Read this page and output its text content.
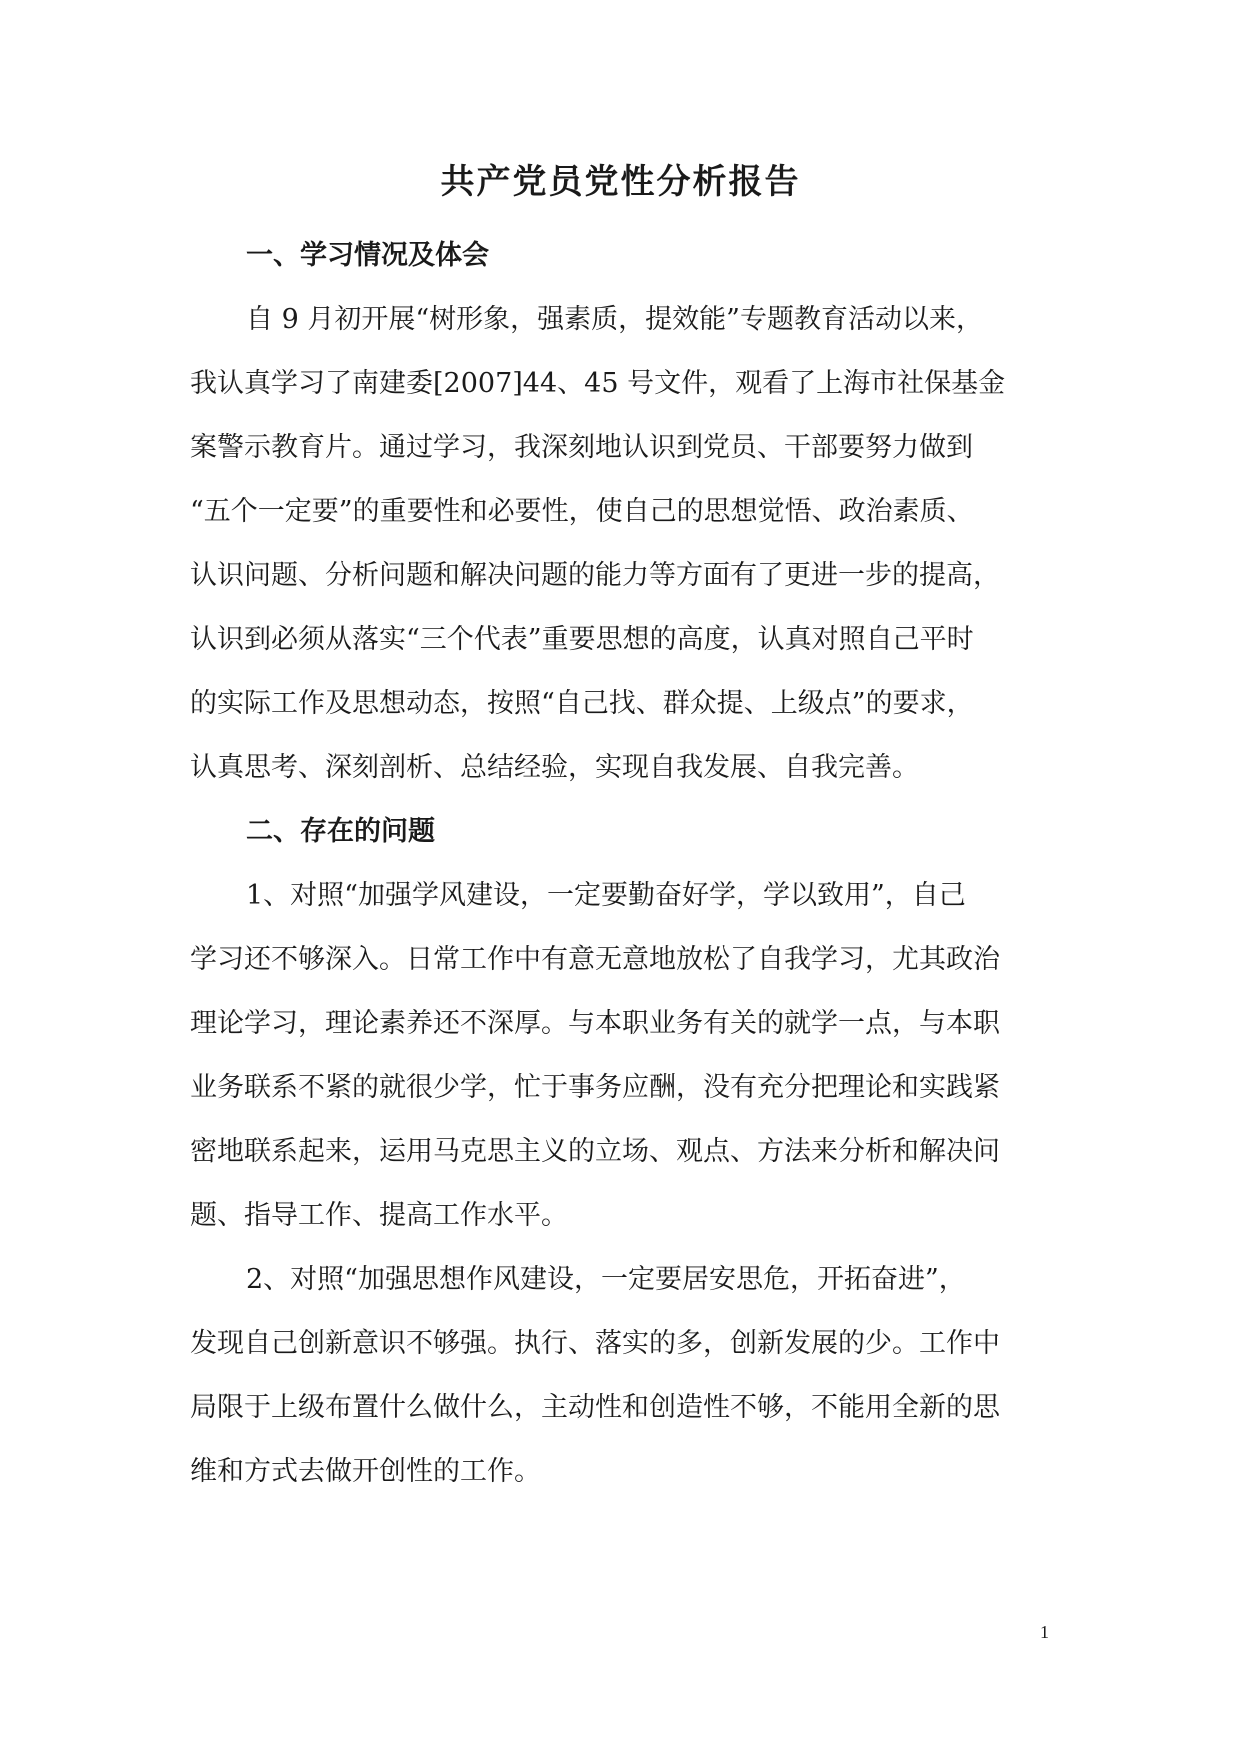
共产党员党性分析报告
一、学习情况及体会
自 9 月初开展“树形象，强素质，提效能”专题教育活动以来，
我认真学习了南建委[2007]44、45 号文件，观看了上海市社保基金
案警示教育片。通过学习，我深刻地认识到党员、干部要努力做到
“五个一定要”的重要性和必要性，使自己的思想觉悟、政治素质、
认识问题、分析问题和解决问题的能力等方面有了更进一步的提高，
认识到必须从落实“三个代表”重要思想的高度，认真对照自己平时
的实际工作及思想动态，按照“自己找、群众提、上级点”的要求，
认真思考、深刻剖析、总结经验，实现自我发展、自我完善。
二、存在的问题
1、对照“加强学风建设，一定要勤奋好学，学以致用”，自己
学习还不够深入。日常工作中有意无意地放松了自我学习，尤其政治
理论学习，理论素养还不深厚。与本职业务有关的就学一点，与本职
业务联系不紧的就很少学，忙于事务应酬，没有充分把理论和实践紧
密地联系起来，运用马克思主义的立场、观点、方法来分析和解决问
题、指导工作、提高工作水平。
2、对照“加强思想作风建设，一定要居安思危，开拓奋进”，
发现自己创新意识不够强。执行、落实的多，创新发展的少。工作中
局限于上级布置什么做什么，主动性和创造性不够，不能用全新的思
维和方式去做开创性的工作。
1
